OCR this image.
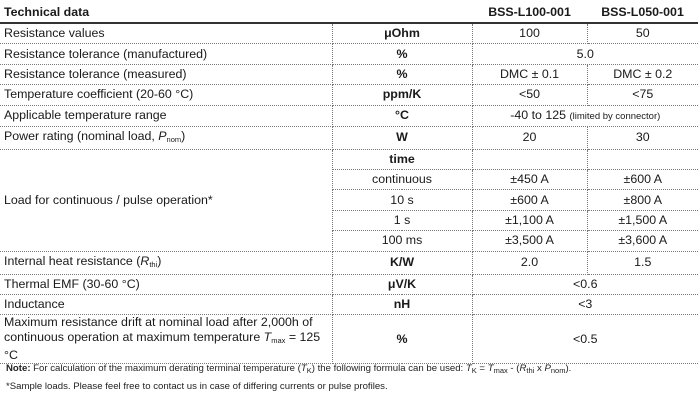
Technical data		BSS-L100-001	BSS-L050-001
Resistance values	μOhm	100	50
Resistance tolerance (manufactured)	%	5.0	
Resistance tolerance (measured)	%	DMC ± 0.1	DMC ± 0.2
Temperature coefficient (20-60 °C)	ppm/K	<50	<75
Applicable temperature range	°C	-40 to 125 (limited by connector)	
Power rating (nominal load, Pnom)	W	20	30
Load for continuous / pulse operation*	time		
	continuous	±450 A	±600 A
	10 s	±600 A	±800 A
	1 s	±1,100 A	±1,500 A
	100 ms	±3,500 A	±3,600 A
Internal heat resistance (Rthi)	K/W	2.0	1.5
Thermal EMF (30-60 °C)	μV/K	<0.6	
Inductance	nH	<3	
Maximum resistance drift at nominal load after 2,000h of
continuous operation at maximum temperature Tmax = 125 °C	%	<0.5	
Note: For calculation of the maximum derating terminal temperature $(T_K)$ the following formula can be used: $T_K = T_{max} - (R_{thi}$ x $P_{nom}$).
*Sample loads. Please feel free to contact us in case of differing currents or pulse profiles.
